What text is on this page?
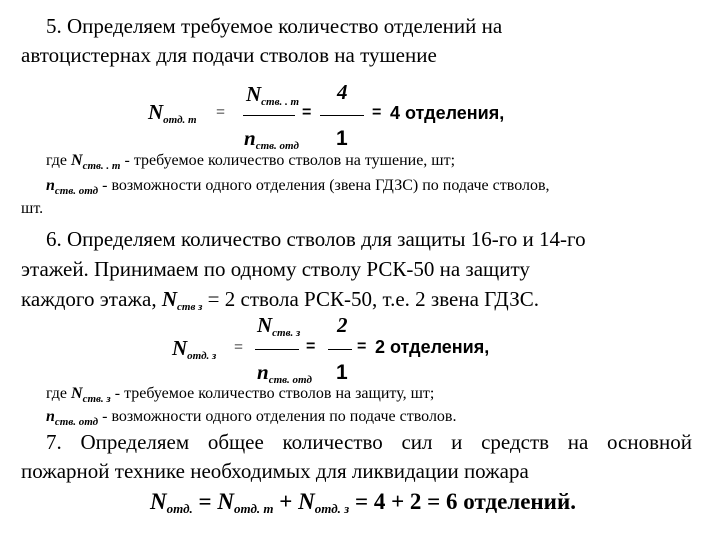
5. Определяем требуемое количество отделений на
автоцистернах для подачи стволов на тушение
$N_{отд. т}$ =
$N_{ств. . т}$
$n_{ств. отд}$
=
4
1
= 4 отделения,
где $N_{ств. . т}$ - требуемое количество стволов на тушение, шт;
$n_{ств. отд}$ - возможности одного отделения (звена ГДЗС) по подаче стволов,
шт.
6. Определяем количество стволов для защиты 16-го и 14-го
этажей. Принимаем по одному стволу РСК-50 на защиту
каждого этажа, Nств з = 2 ствола РСК-50, т.е. 2 звена ГДЗС.
$N_{отд. з}$ =
$N_{ств. з}$
$n_{ств. отд}$
=
2
1
= 2 отделения,
где $N_{ств. з}$ - требуемое количество стволов на защиту, шт;
$n_{ств. отд}$ - возможности одного отделения по подаче стволов.
7. Определяем общее количество сил и средств на основной
пожарной технике необходимых для ликвидации пожара
Nотд. = Nотд. т + Nотд. з = 4 + 2 = 6 отделений.
